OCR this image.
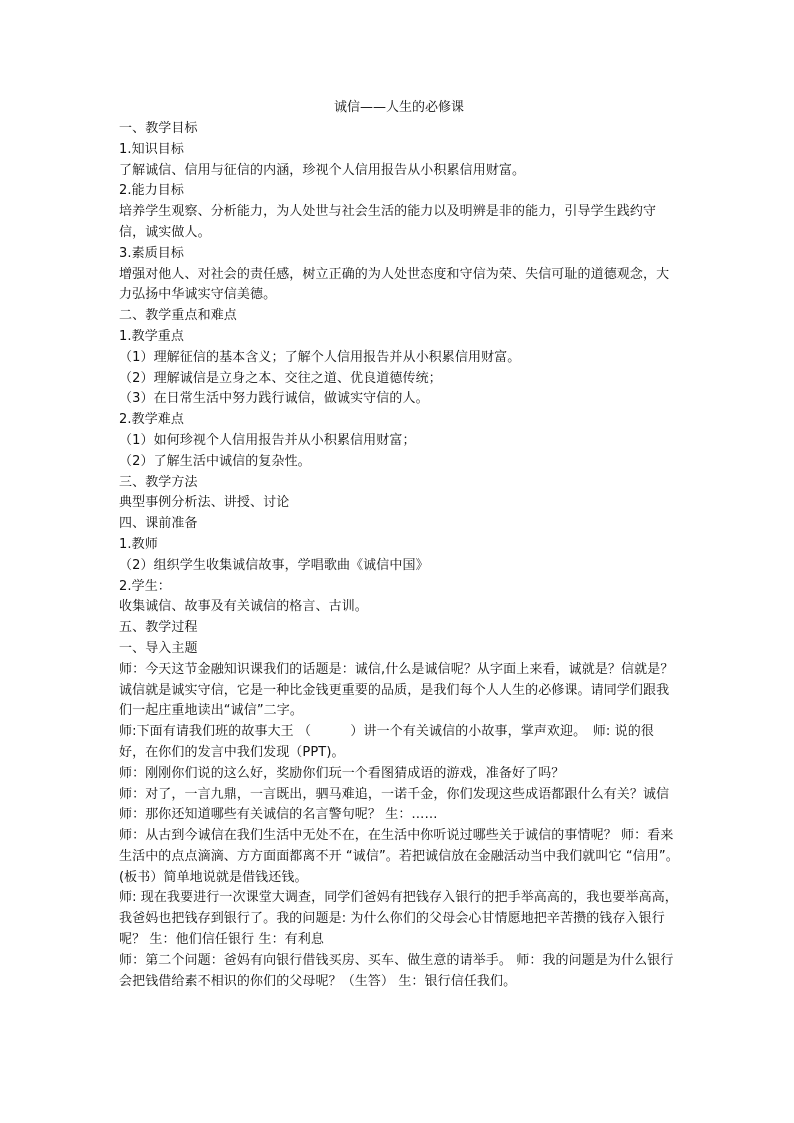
诚信——人生的必修课

一、教学目标

1.知识目标

了解诚信、信用与征信的内涵，珍视个人信用报告从小积累信用财富。

2.能力目标

培养学生观察、分析能力，为人处世与社会生活的能力以及明辨是非的能力，引导学生践约守信，诚实做人。

3.素质目标

增强对他人、对社会的责任感，树立正确的为人处世态度和守信为荣、失信可耻的道德观念，大力弘扬中华诚实守信美德。

二、教学重点和难点

1.教学重点

（1）理解征信的基本含义；了解个人信用报告并从小积累信用财富。

（2）理解诚信是立身之本、交往之道、优良道德传统；

（3）在日常生活中努力践行诚信，做诚实守信的人。

2.教学难点

（1）如何珍视个人信用报告并从小积累信用财富；

（2）了解生活中诚信的复杂性。

三、教学方法

典型事例分析法、讲授、讨论

四、课前准备

1.教师

（2）组织学生收集诚信故事，学唱歌曲《诚信中国》

2.学生：

收集诚信、故事及有关诚信的格言、古训。

五、教学过程

一、导入主题

师：今天这节金融知识课我们的话题是：诚信,什么是诚信呢？从字面上来看，诚就是？信就是？诚信就是诚实守信，它是一种比金钱更重要的品质，是我们每个人人生的必修课。请同学们跟我们一起庄重地读出“诚信”二字。

师:下面有请我们班的故事大王 （　　　）讲一个有关诚信的小故事，掌声欢迎。　师: 说的很好，在你们的发言中我们发现（PPT)。

师：刚刚你们说的这么好，奖励你们玩一个看图猜成语的游戏，准备好了吗？

师：对了，一言九鼎，一言既出，驷马难追，一诺千金，你们发现这些成语都跟什么有关？诚信

师：那你还知道哪些有关诚信的名言警句呢？ 生：……

师：从古到今诚信在我们生活中无处不在，在生活中你听说过哪些关于诚信的事情呢？ 师：看来生活中的点点滴滴、方方面面都离不开 “诚信”。若把诚信放在金融活动当中我们就叫它 “信用”。(板书）简单地说就是借钱还钱。

师: 现在我要进行一次课堂大调查，同学们爸妈有把钱存入银行的把手举高高的，我也要举高高，我爸妈也把钱存到银行了。我的问题是: 为什么你们的父母会心甘情愿地把辛苦攒的钱存入银行呢？ 生：他们信任银行 生：有利息

师：第二个问题：爸妈有向银行借钱买房、买车、做生意的请举手。 师：我的问题是为什么银行会把钱借给素不相识的你们的父母呢？（生答） 生：银行信任我们。
